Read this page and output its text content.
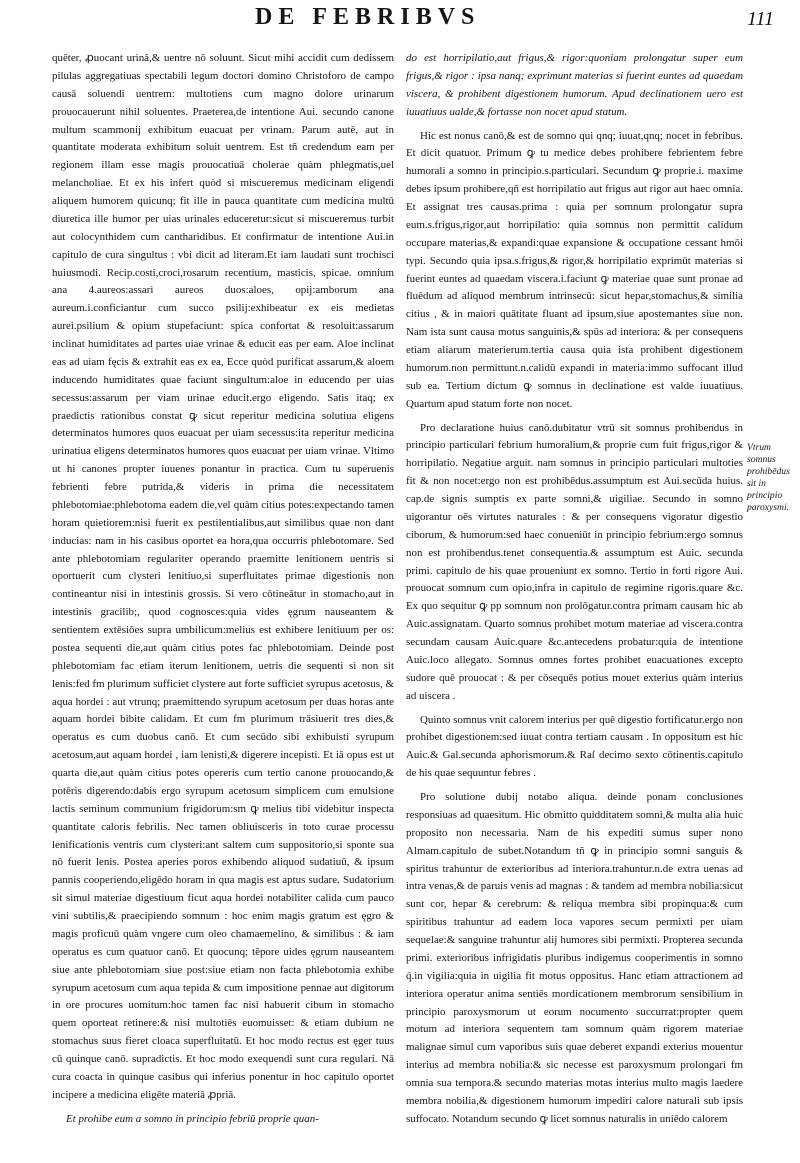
DE FEBRIBVS	111

quēter, ꝓuocant urinā,& uentre nō soluunt. Sicut mihi accidit cum dedissem pilulas aggregatiuas spectabili legum doctori domino Christoforo de campo causā soluendi uentrem: multotiens cum magno dolore urinarum prouocauerunt nihil soluentes. Praeterea,de intentione Aui. secundo canone multum scammonij exhibitum euacuat per vrinam. Parum autē, aut in quantitate moderata exhibitum soluit uentrem. Est tñ credendum eam per regionem illam esse magis prouocatiuā cholerae quàm phlegmatis,uel melancholiae. Et ex his infert quòd si miscueremus medicinam eligendi aliquem humorem quicunq; fit ille in pauca quantitate cum medicina multū diuretica ille humor per uias urinales educeretur:sicut si miscueremus turbit aut colocynthidem cum cantharidibus. Et confirmatur de intentione Aui.in capitulo de cura singultus : vbi dicit ad literam.Et iam laudati sunt trochisci huiusmodi. Recip.costi,croci,rosarum recentium, masticis, spicae. omnium ana 4.aureos:assari aureos duos:aloes, opij:amborum ana aureum.i.conficiantur cum succo psilij:exhibeatur ex eis medietas aurei.psilium & opium stupefaciunt: spica confortat & resoluit:assarum inclinat humiditates ad partes uiae vrinae & educit eas per eam. Aloe inclinat eas ad uiam fęcis & extrahit eas ex ea, Ecce quòd purificat assarum,& aloem inducendo humiditates quae faciunt singultum:aloe in educendo per uias secessus:assarum per viam urinae educit.ergo eligendo. Satis itaq; ex praedictis rationibus constat ꝙ sicut reperitur medicina solutiua eligens determinatos humores quos euacuat per uiam secessus:ita reperitur medicina urinatiua eligens determinatos humores quos euacuat per uiam vrinae. Vltimo ut hi canones propter iuuenes ponantur in practica. Cum tu superuenis febrienti febre putrida,& videris in prima die necessitatem phlebotomiae:phlebotoma eadem die,vel quàm citius potes:expectando tamen horam quietiorem:nisi fuerit ex pestilentialibus,aut similibus quae non dant inducias: nam in his casibus oportet ea hora,qua occurris phlebotomare. Sed ante phlebotomiam regulariter operando praemitte lenitionem uentris si oportuerit cum clysteri lenitiuo,si superfluitates primae digestionis non contineantur nisi in intestinis grossis. Si vero cōtineātur in stomacho,aut in intestinis gracilib;, quod cognosces:quia vides ęgrum nauseantem & sentientem extēsiōes supra umbilicum:melius est exhibere lenitiuum per os: postea sequenti die,aut quàm citius potes fac phlebotomiam. Deinde post phlebotomiam fac etiam iterum lenitionem, uetris die sequenti si non sit lenis:fed fm plurimum sufficiet clystere aut forte sufficiet syrupus acetosus, & aqua hordei : aut vtrunq; praemittendo syrupum acetosum per duas horas ante aquam hordei bibite calidam. Et cum fm plurimum trāsiuerit tres dies,& operatus es cum duobus canō. Et cum secūdo sibi exhibuisti syrupum acetosum,aut aquam hordei , iam lenisti,& digerere incepisti. Et iā opus est ut quarta die,aut quàm citius potes opereris cum tertio canone prouocando,& potēris digerendo:dabis ergo syrupum acetosum simplicem cum emulsione lactis seminum communium frigidorum:sm ꝙ melius tibi videbitur inspecta quantitate caloris febrilis. Nec tamen obliuiscerìs in toto curae processu lenificationis ventris cum clysteri:ant saltem cum suppositorio,si sponte sua nō fuerit lenis. Postea aperies poros exhibendo aliquod sudatiuū, & ipsum pannis cooperiendo,eligēdo horam in qua magis est aptus sudare. Sudatorium sit simul materiae digestiuum ficut aqua hordei notabiliter calida cum pauco vini subtilis,& praecipiendo somnum : hoc enim magis gratum est ęgro & magis proficuū quàm vngere cum oleo chamaemelino, & similibus : & iam operatus es cum quatuor canō. Et quocunq; tēpore uides ęgrum nauseantem siue ante phlebotomiam siue post:siue etiam non facta phlebotomia exhibe syrupum acetosum cum aqua tepida & cum impositione pennae aut digitorum in ore procures uomitum:hoc tamen fac nisi habuerit cibum in stomacho quem oporteat retinere:& nisi multotiēs euomuisset: & etiam dubium ne stomachus suus fieret cloaca superfluitatū. Et hoc modo rectus est ęger tuus cū quinque canō. supradictis. Et hoc modo exequendi sunt cura regulari. Nā cura coacta in quinque casibus qui inferius ponentur in hoc capitulo oportet incipere a medicina eligēte materiā ꝓpriā.

Et prohibe eum a somno in principio febriū proprie quan-

do est horripilatio,aut frigus,& rigor:quoniam prolongatur super eum frigus,& rigor : ipsa nanq; exprimunt materias si fuerint euntes ad quaedam viscera, & prohibent digestionem humorum. Apud declinationem uero est iuuatiuus ualde,& fortasse non nocet apud statum.

Hic est nonus canō,& est de somno qui qnq; iuuat,qnq; nocet in febribus. Et dicit quatuor. Primum ꝙ tu medice debes prohibere febrientem febre humorali a somno in principio.s.particulari. Secundum ꝙ proprie.i. maxime debes ipsum prohibere,qñ est horripilatio aut frigus aut rigor aut haec omnia. Et assignat tres causas.prima : quia per somnum prolongatur supra eum.s.frigus,rigor,aut horripilatio: quia somnus non permittit calidum occupare materias,& expandi:quae expansione & occupatione cessant hmōi typi. Secundo quia ipsa.s.frigus,& rigor,& horripilatio exprimūt materias si fuerint euntes ad quaedam viscera.i.faciunt ꝙ materiae quae sunt pronae ad fluēdum ad aliquod membrum intrinsecū: sicut hepar,stomachus,& similia citius , & in maiori quātitate fluant ad ipsum,siue apostemantes siue non. Nam ista sunt causa motus sanguinis,& spūs ad interiora: & per consequens etiam aliarum materierum.tertia causa quia ista prohibent digestionem humorum.non permittunt.n.calidū expandi in materia:immo suffocant illud sub ea. Tertium dictum ꝙ somnus in declinatione est valde iuuatiuus. Quartum apud statum forte non nocet.

Pro declaratione huius canō.dubitatur vtrū sit somnus prohibendus in principio particulari febrium humoralium,& proprie cum fuit frigus,rigor & horripilatio. Negatiue arguit. nam somnus in principio particulari multoties fit & non nocet:ergo non est prohibēdus.assumptum est Aui.secūda huius. cap.de signis sumptis ex parte somni,& uigiliae. Secundo in somno uigorantur oēs virtutes naturales : & per consequens vigoratur digestio ciborum, & humorum:sed haec conueniūt in principio febrium:ergo somnus non est prohibendus.tenet consequentia.& assumptum est Auic. secunda primi. capitulo de his quae proueniunt ex somno. Tertio in forti rigore Aui. prouocat somnum cum opio,infra in capitulo de regimine rigoris.quare &c. Ex quo sequitur ꝙ pp somnum non prolōgatur.contra primam causam hic ab Auic.assignatam. Quarto somnus prohibet motum materiae ad viscera.contra secundam causam Auic.quare &c.antecedens probatur:quia de intentione Auic.loco allegato. Somnus omnes fortes prohibet euacuationes excepto sudore quē prouocat : & per cōsequēs potius mouet exterius quàm interius ad uiscera .

Quinto somnus vnit calorem interius per quē digestio fortificatur.ergo non prohibet digestionem:sed iuuat contra tertiam causam . In oppositum est hic Auic.& Gal.secunda aphorismorum.& Raſ decimo sexto cōtinentis.capitulo de his quae sequuntur febres .

Pro solutione dubij notabo aliqua. deinde ponam conclusiones responsiuas ad quaesitum. Hic obmitto quidditatem somni,& multa alia huic proposito non necessaria. Nam de his expediti sumus super nono Almam.capitulo de subet.Notandum tñ ꝙ in principio somni sanguis & spiritus trahuntur de exterioribus ad interiora.trahuntur.n.de extra uenas ad intra venas,& de paruis venis ad magnas : & tandem ad membra nobilia:sicut sunt cor, hepar & cerebrum: & reliqua membra sibi propinqua:& cum spiritibus trahuntur ad eadem loca vapores secum permixti per uiam sequelae:& sanguine trahuntur alij humores sibi permixti. Propterea secunda primi. exterioribus infrigidatis pluribus indigemus cooperimentis in somno q̄.in vigilia:quia in uigilia fit motus oppositus. Hanc etiam attractionem ad interiora operatur anima sentiēs mordicationem membrorum sensibilium in principio paroxysmorum ut eorum nocumento succurrat:propter quem motum ad interiora sequentem tam somnum quàm rigorem materiae malignae simul cum vaporibus suis quae deberet expandi exterius mouentur interius ad membra nobilia:& sic necesse est paroxysmum prolongari fm omnia sua tempora.& secundo materias motas interius multo magis laedere membra nobilia,& digestionem humorum impediri calore naturali sub ipsis suffocato. Notandum secundo ꝙ licet somnus naturalis in uniēdo calorem

Vtrum somnus prohibēdus sit in principio paroxysmi.
